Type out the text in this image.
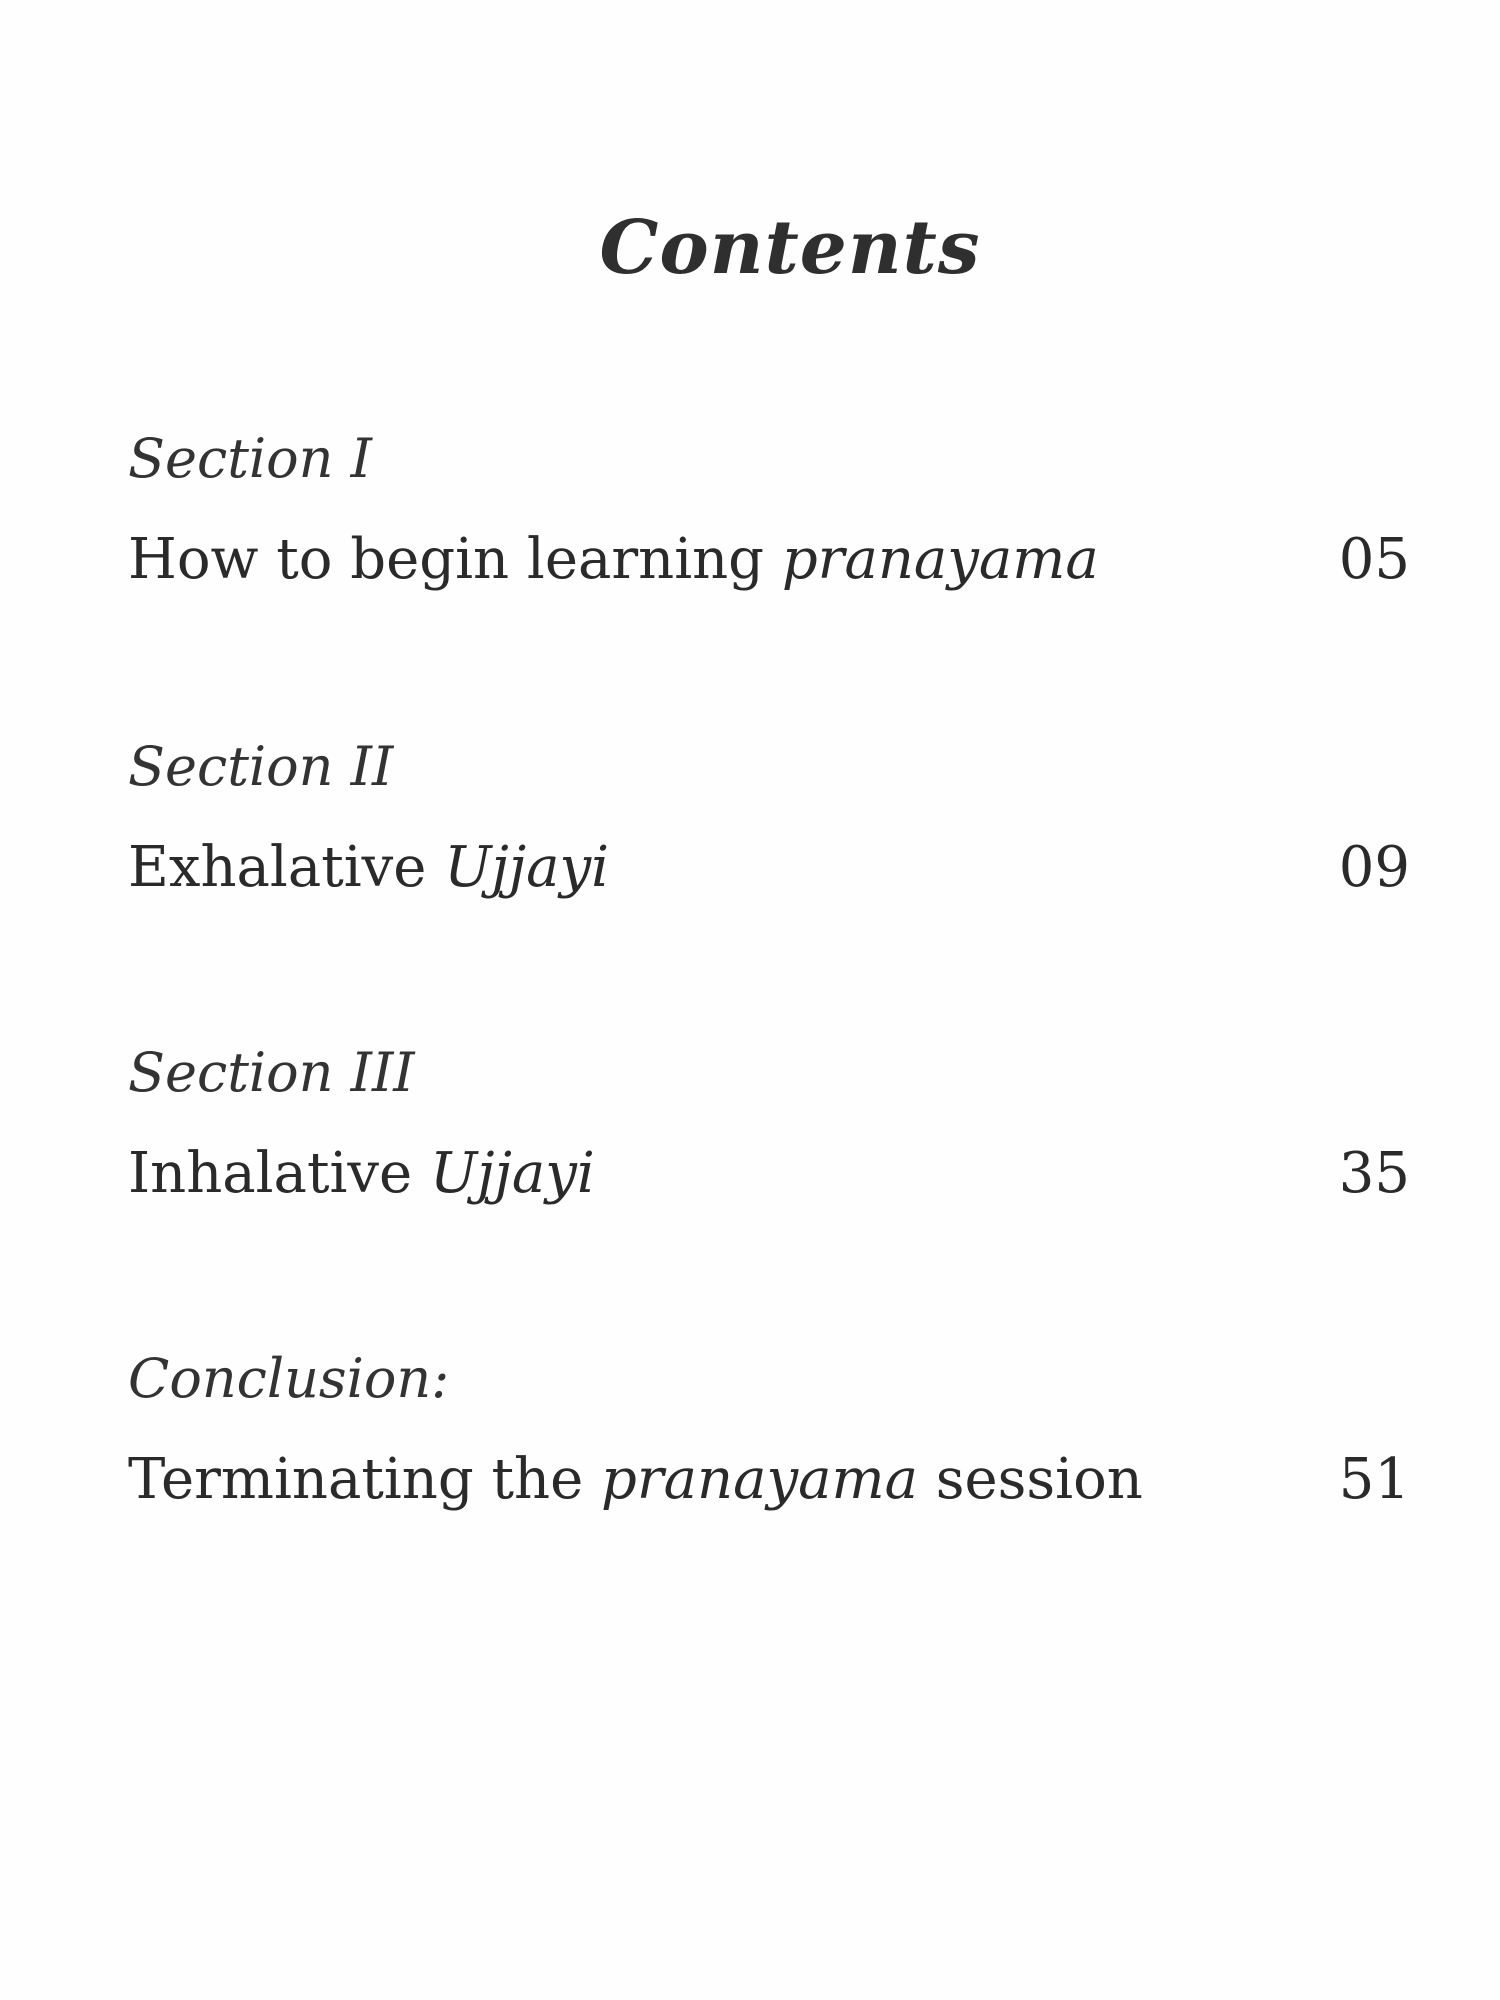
Contents
Section I
How to begin learning pranayama	05
Section II
Exhalative Ujjayi	09
Section III
Inhalative Ujjayi	35
Conclusion:
Terminating the pranayama session	51
